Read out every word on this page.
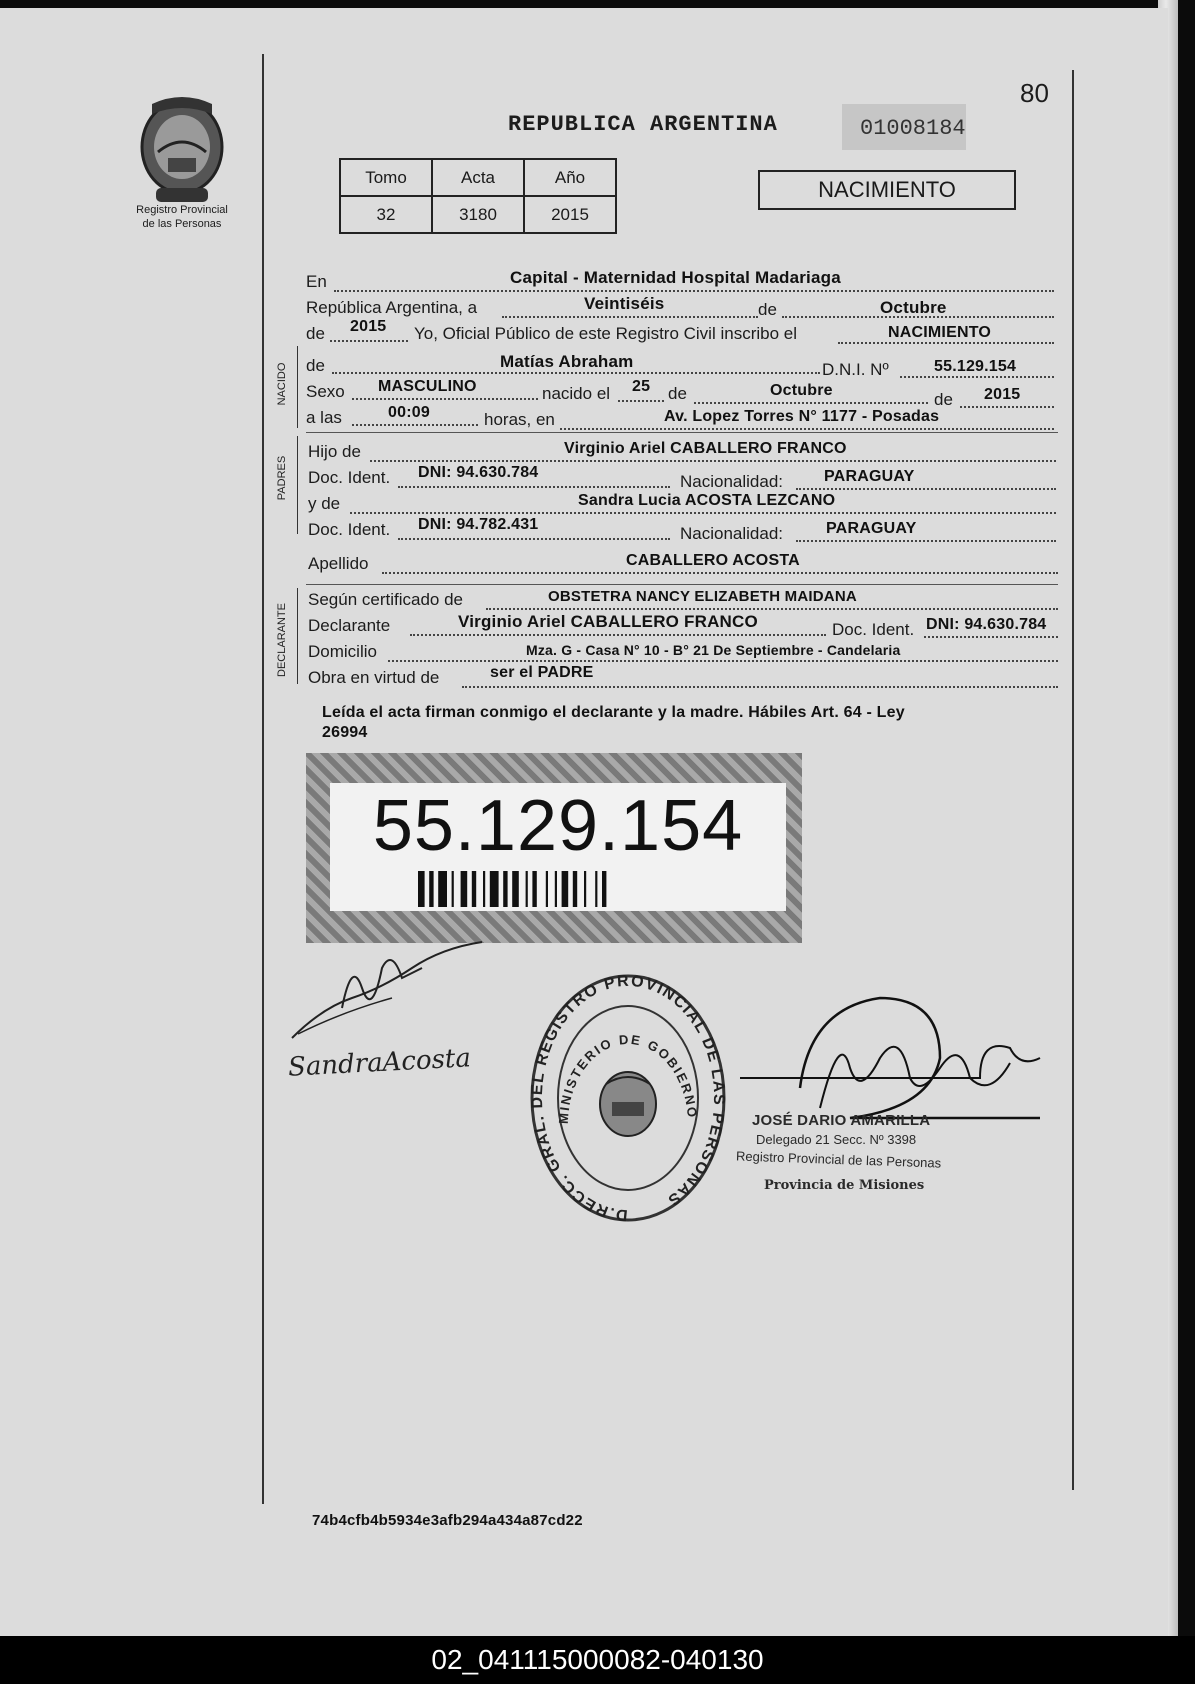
Registro Provincial
de las Personas
80
REPUBLICA ARGENTINA	01008184
Tomo	Acta	Año
32	3180	2015
NACIMIENTO
NACIDO
PADRES
DECLARANTE
En	Capital - Maternidad Hospital Madariaga
República Argentina, a	Veintiséis	de	Octubre
de 2015 Yo, Oficial Público de este Registro Civil inscribo el	NACIMIENTO
de	Matías Abraham	D.N.I. Nº	55.129.154
Sexo MASCULINO	nacido el 25 de	Octubre	de 2015
a las	00:09	horas, en	Av. Lopez Torres N° 1177 - Posadas
Hijo de	Virginio Ariel CABALLERO FRANCO
Doc. Ident. DNI: 94.630.784	Nacionalidad:	PARAGUAY
y de	Sandra Lucia ACOSTA LEZCANO
Doc. Ident. DNI: 94.782.431	Nacionalidad:	PARAGUAY
Apellido	CABALLERO ACOSTA
Según certificado de	OBSTETRA NANCY ELIZABETH MAIDANA
Declarante	Virginio Ariel CABALLERO FRANCO	Doc. Ident. DNI: 94.630.784
Domicilio	Mza. G - Casa N° 10 - B° 21 De Septiembre - Candelaria
Obra en virtud de	ser el PADRE
Leída el acta firman conmigo el declarante y la madre. Hábiles Art. 64 - Ley
26994
55.129.154
SandraAcosta
D.RECC. GRAL. DEL REGISTRO PROVINCIAL DE LAS PERSONAS
MINISTERIO DE GOBIERNO	JOSÉ DARIO AMARILLA
Delegado 21 Secc. Nº 3398
Registro Provincial de las Personas
Provincia de Misiones
74b4cfb4b5934e3afb294a434a87cd22
02_041115000082-040130
